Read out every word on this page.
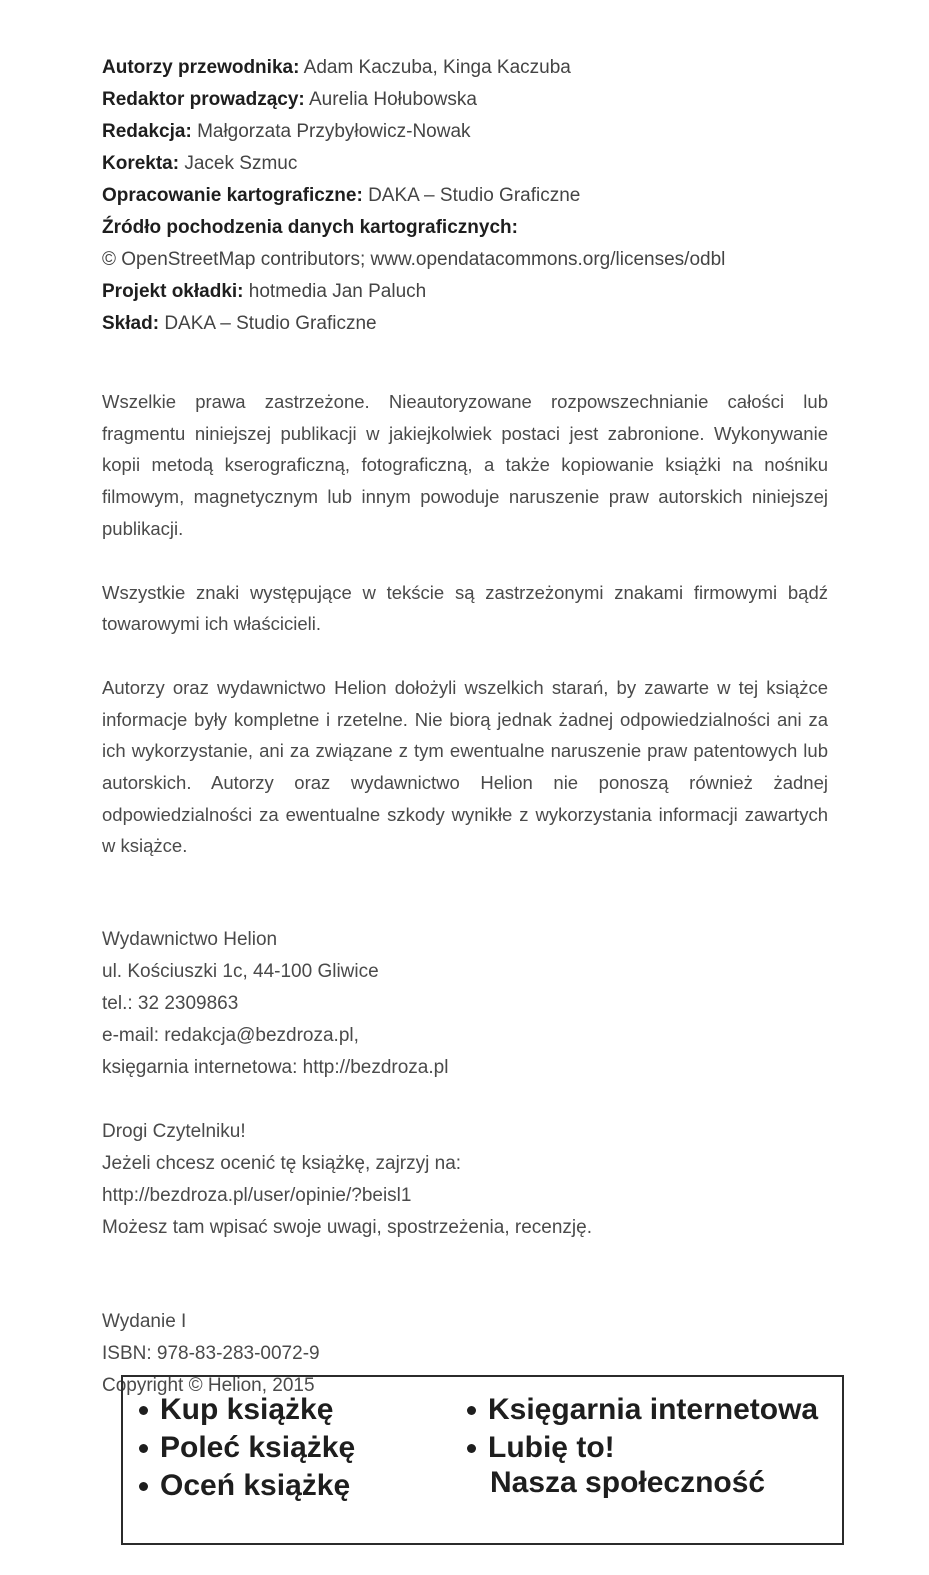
Autorzy przewodnika: Adam Kaczuba, Kinga Kaczuba
Redaktor prowadzący: Aurelia Hołubowska
Redakcja: Małgorzata Przybyłowicz-Nowak
Korekta: Jacek Szmuc
Opracowanie kartograficzne: DAKA – Studio Graficzne
Źródło pochodzenia danych kartograficznych:
© OpenStreetMap contributors; www.opendatacommons.org/licenses/odbl
Projekt okładki: hotmedia Jan Paluch
Skład: DAKA – Studio Graficzne

Wszelkie prawa zastrzeżone. Nieautoryzowane rozpowszechnianie całości lub fragmentu niniejszej publikacji w jakiejkolwiek postaci jest zabronione. Wykonywanie kopii metodą kserograficzną, fotograficzną, a także kopiowanie książki na nośniku filmowym, magnetycznym lub innym powoduje naruszenie praw autorskich niniejszej publikacji.

Wszystkie znaki występujące w tekście są zastrzeżonymi znakami firmowymi bądź towarowymi ich właścicieli.

Autorzy oraz wydawnictwo Helion dołożyli wszelkich starań, by zawarte w tej książce informacje były kompletne i rzetelne. Nie biorą jednak żadnej odpowiedzialności ani za ich wykorzystanie, ani za związane z tym ewentualne naruszenie praw patentowych lub autorskich. Autorzy oraz wydawnictwo Helion nie ponoszą również żadnej odpowiedzialności za ewentualne szkody wynikłe z wykorzystania informacji zawartych w książce.

Wydawnictwo Helion
ul. Kościuszki 1c, 44-100 Gliwice
tel.: 32 2309863
e-mail: redakcja@bezdroza.pl,
księgarnia internetowa: http://bezdroza.pl
Drogi Czytelniku!
Jeżeli chcesz ocenić tę książkę, zajrzyj na:
http://bezdroza.pl/user/opinie/?beisl1
Możesz tam wpisać swoje uwagi, spostrzeżenia, recenzję.
Wydanie I
ISBN: 978-83-283-0072-9
Copyright © Helion, 2015
Kup książkę
Poleć książkę
Oceń książkę
Księgarnia internetowa
Lubię to!
Nasza społeczność
